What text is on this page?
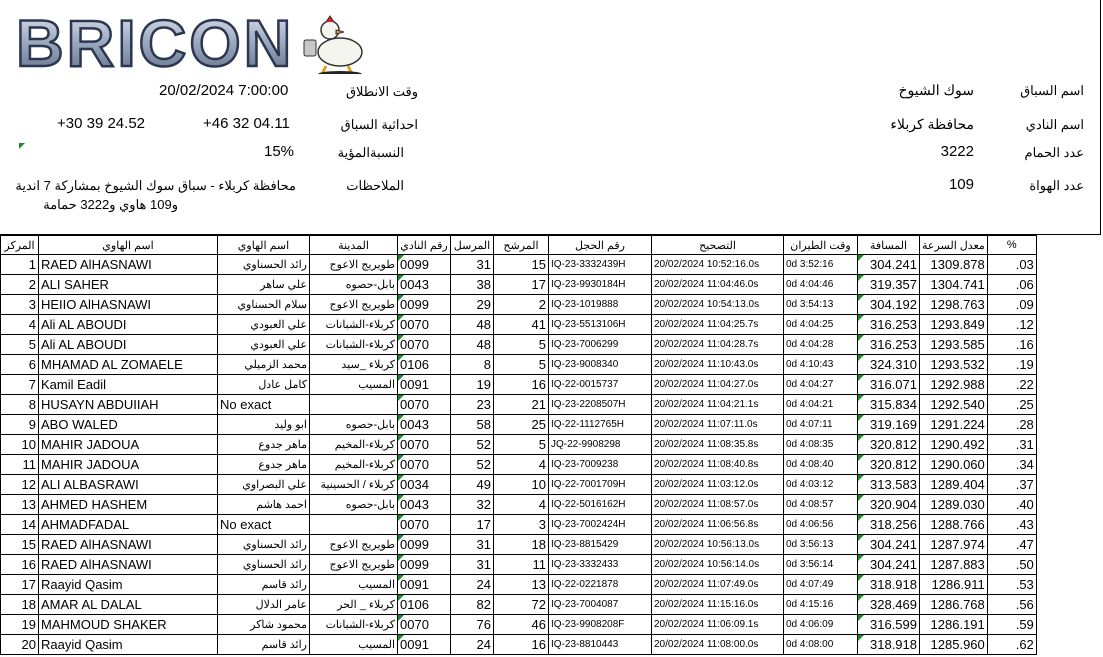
BRICON
اسم السباق
سوك الشيوخ
اسم النادي
محافظة كربلاء
عدد الحمام
3222
عدد الهواة
109
وقت الانطلاق
20/02/2024 7:00:00
احداثية السباق
+30 39 24.52	+46 32 04.11
النسبةالمؤية
15%
الملاحظات
محافظة كربلاء - سباق سوك الشيوخ بمشاركة 7 اندية
و109 هاوي و3222 حمامة
المركز	اسم الهاوي	اسم الهاوي	المدينة	رقم النادي	المرسل	المرشح	رقم الحجل	التصحيح	وقت الطيران	المسافة	معدل السرعة	%
1	RAED AlHASNAWI	رائد الحسناوي	طويريج الاعوج	0099	31	15	IQ-23-3332439H	20/02/2024 10:52:16.0s	0d 3:52:16	304.241	1309.878	.03
2	ALI SAHER	علي ساهر	بابل-حصوه	0043	38	17	IQ-23-9930184H	20/02/2024 11:04:46.0s	0d 4:04:46	319.357	1304.741	.06
3	HEIIO AlHASNAWI	سلام الحسناوي	طويريج الاعوج	0099	29	2	IQ-23-1019888	20/02/2024 10:54:13.0s	0d 3:54:13	304.192	1298.763	.09
4	Ali AL ABOUDI	علي العبودي	كربلاء-الشبانات	0070	48	41	IQ-23-5513106H	20/02/2024 11:04:25.7s	0d 4:04:25	316.253	1293.849	.12
5	Ali AL ABOUDI	علي العبودي	كربلاء-الشبانات	0070	48	5	IQ-23-7006299	20/02/2024 11:04:28.7s	0d 4:04:28	316.253	1293.585	.16
6	MHAMAD AL ZOMAELE	محمد الزميلي	كربلاء _سيد	0106	8	5	IQ-23-9008340	20/02/2024 11:10:43.0s	0d 4:10:43	324.310	1293.532	.19
7	Kamil Eadil	كامل عادل	المسيب	0091	19	16	IQ-22-0015737	20/02/2024 11:04:27.0s	0d 4:04:27	316.071	1292.988	.22
8	HUSAYN ABDUIIAH	No exact		0070	23	21	IQ-23-2208507H	20/02/2024 11:04:21.1s	0d 4:04:21	315.834	1292.540	.25
9	ABO WALED	ابو وليد	بابل-حصوه	0043	58	25	IQ-22-1112765H	20/02/2024 11:07:11.0s	0d 4:07:11	319.169	1291.224	.28
10	MAHIR JADOUA	ماهر جدوع	كربلاء-المخيم	0070	52	5	JQ-22-9908298	20/02/2024 11:08:35.8s	0d 4:08:35	320.812	1290.492	.31
11	MAHIR JADOUA	ماهر جدوع	كربلاء-المخيم	0070	52	4	IQ-23-7009238	20/02/2024 11:08:40.8s	0d 4:08:40	320.812	1290.060	.34
12	ALI ALBASRAWI	علي البصراوي	كربلاء / الحسينية	0034	49	10	IQ-22-7001709H	20/02/2024 11:03:12.0s	0d 4:03:12	313.583	1289.404	.37
13	AHMED HASHEM	احمد هاشم	بابل-حصوه	0043	32	4	IQ-22-5016162H	20/02/2024 11:08:57.0s	0d 4:08:57	320.904	1289.030	.40
14	AHMADFADAL	No exact		0070	17	3	IQ-23-7002424H	20/02/2024 11:06:56.8s	0d 4:06:56	318.256	1288.766	.43
15	RAED AlHASNAWI	رائد الحسناوي	طويريج الاعوج	0099	31	18	IQ-23-8815429	20/02/2024 10:56:13.0s	0d 3:56:13	304.241	1287.974	.47
16	RAED AlHASNAWI	رائد الحسناوي	طويريج الاعوج	0099	31	11	IQ-23-3332433	20/02/2024 10:56:14.0s	0d 3:56:14	304.241	1287.883	.50
17	Raayid Qasim	رائد قاسم	المسيب	0091	24	13	IQ-22-0221878	20/02/2024 11:07:49.0s	0d 4:07:49	318.918	1286.911	.53
18	AMAR AL DALAL	عامر الدلال	كربلاء _ الحر	0106	82	72	IQ-23-7004087	20/02/2024 11:15:16.0s	0d 4:15:16	328.469	1286.768	.56
19	MAHMOUD SHAKER	محمود شاكر	كربلاء-الشبانات	0070	76	46	IQ-23-9908208F	20/02/2024 11:06:09.1s	0d 4:06:09	316.599	1286.191	.59
20	Raayid Qasim	رائد قاسم	المسيب	0091	24	16	IQ-23-8810443	20/02/2024 11:08:00.0s	0d 4:08:00	318.918	1285.960	.62
